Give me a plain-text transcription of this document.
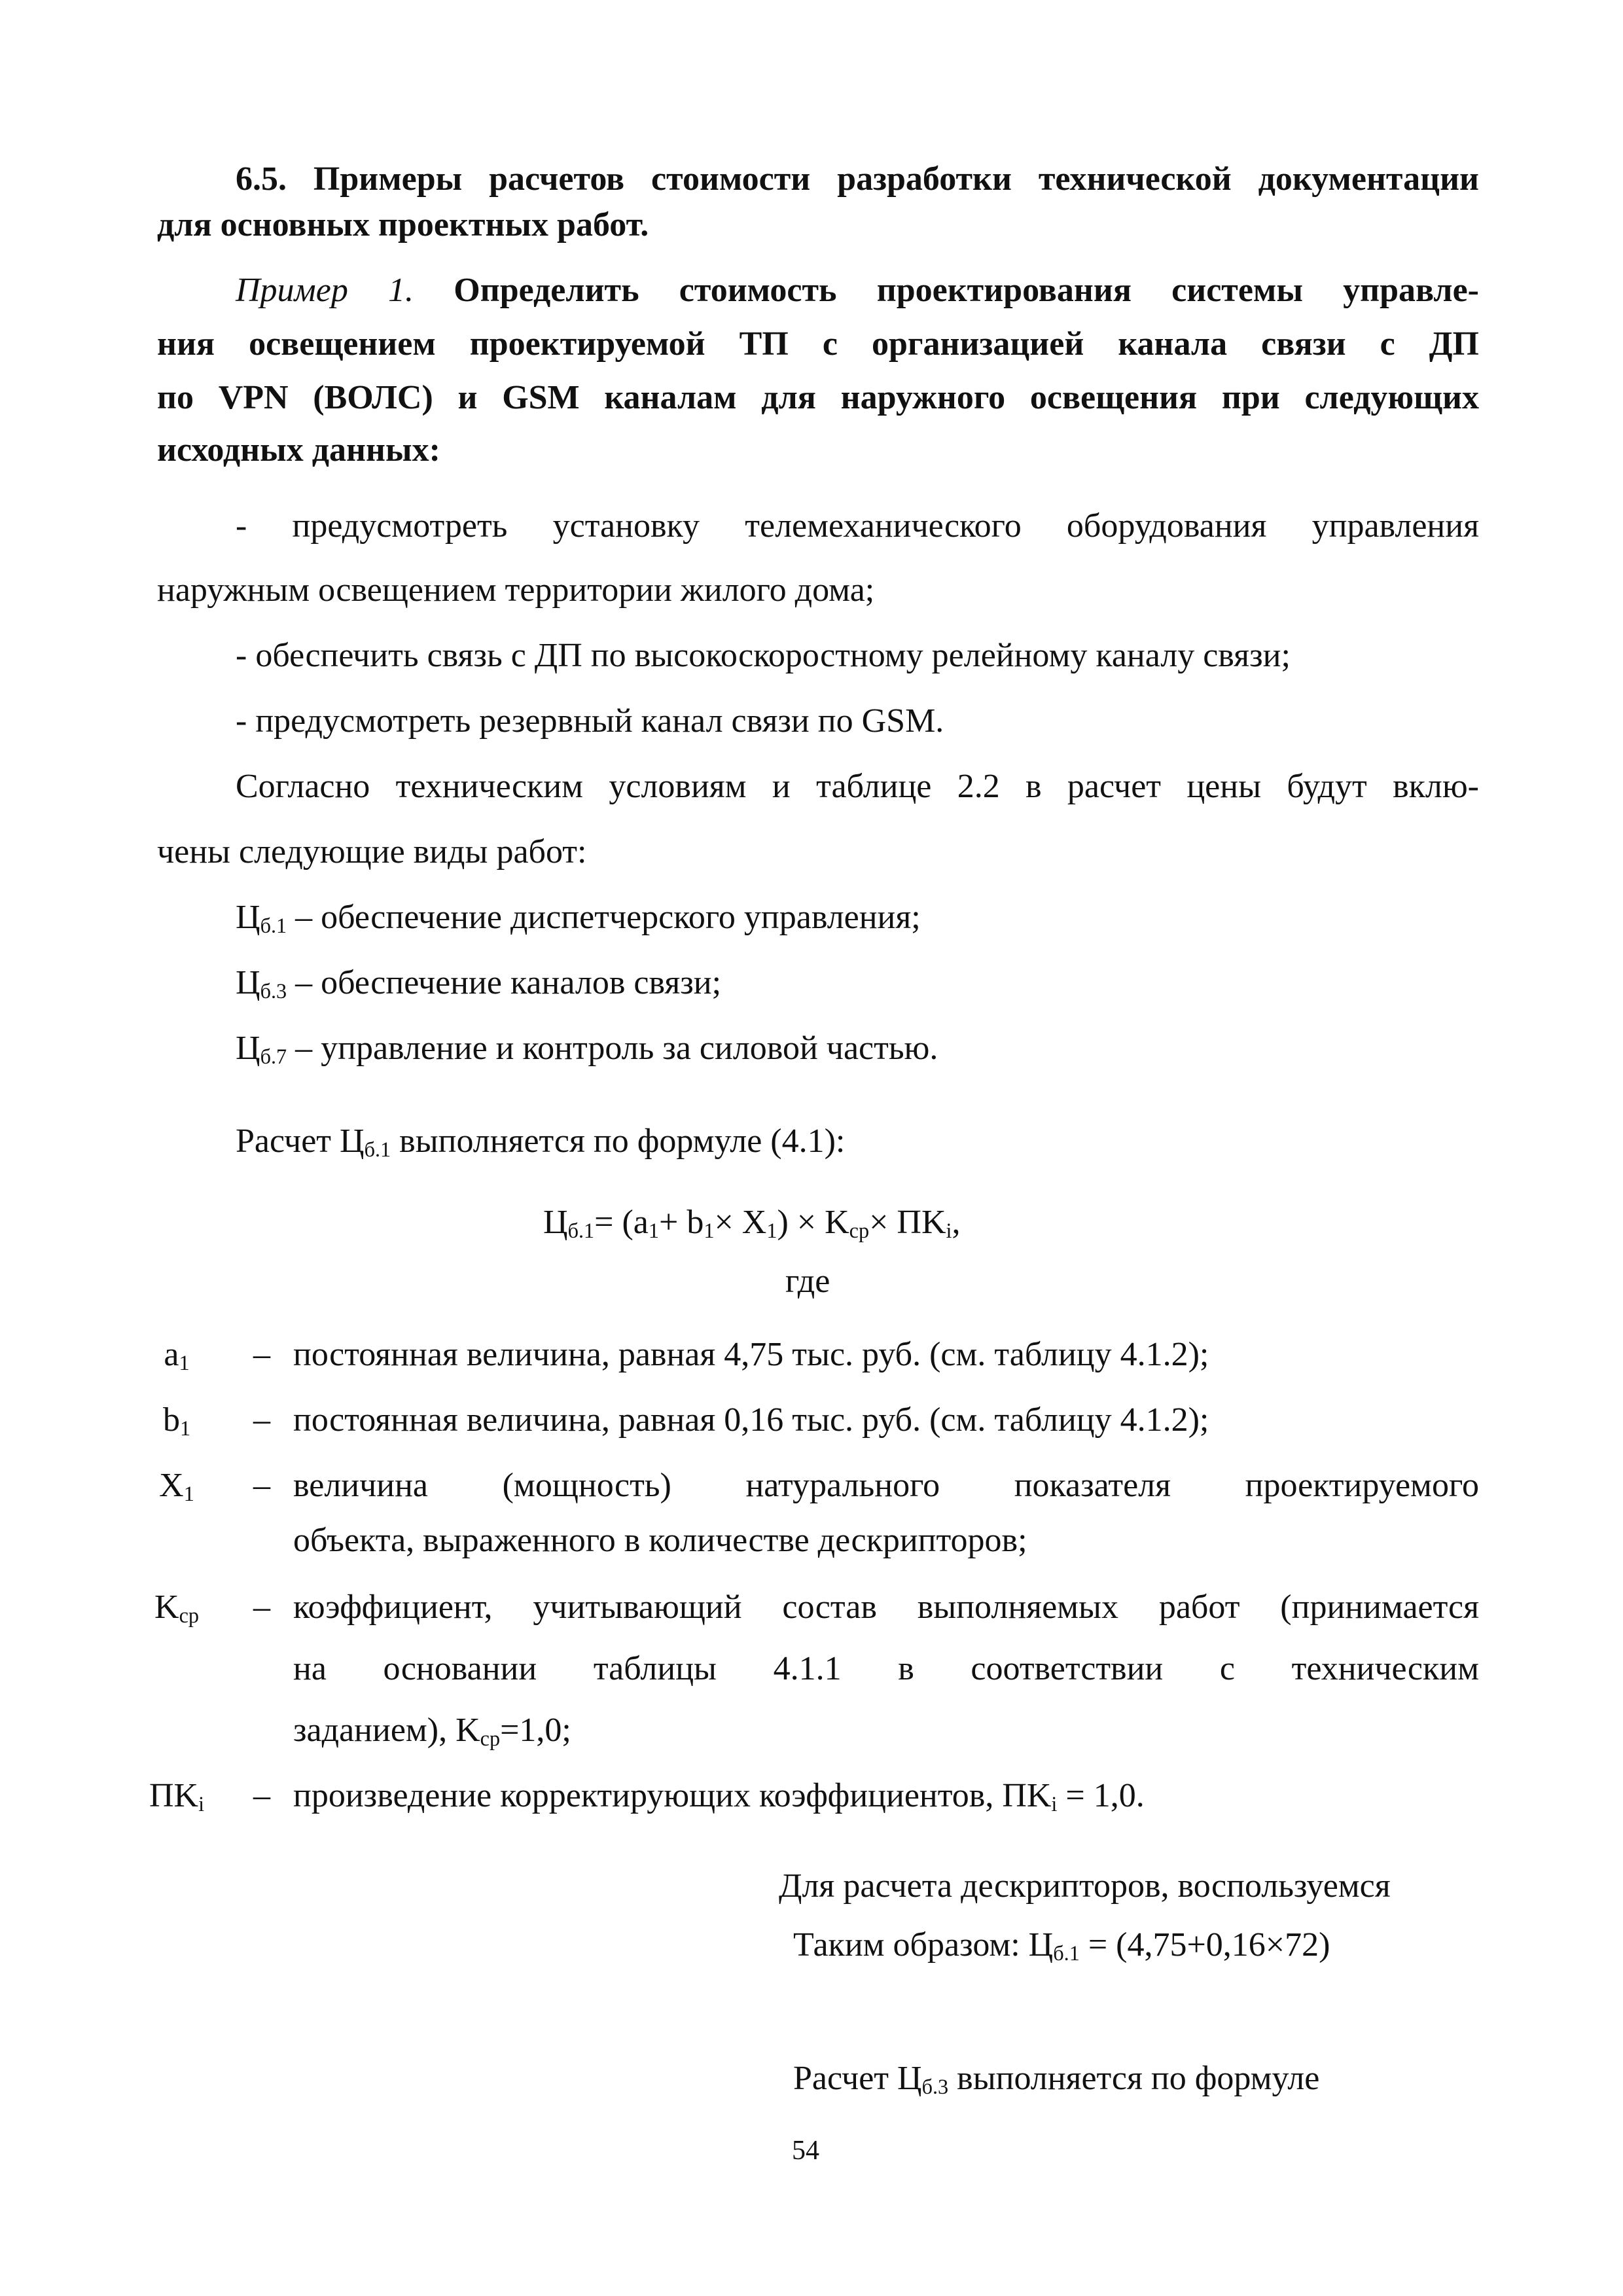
6.5. Примеры расчетов стоимости разработки технической документации
для основных проектных работ.
Пример 1. Определить стоимость проектирования системы управле-
ния освещением проектируемой ТП с организацией канала связи с ДП
по VPN (ВОЛС) и GSM каналам для наружного освещения при следующих
исходных данных:
- предусмотреть установку телемеханического оборудования управления
наружным освещением территории жилого дома;
- обеспечить связь с ДП по высокоскоростному релейному каналу связи;
- предусмотреть резервный канал связи по GSM.
Согласно техническим условиям и таблице 2.2 в расчет цены будут вклю-
чены следующие виды работ:
$Ц_{б.1}$ – обеспечение диспетчерского управления;
$Ц_{б.3}$ – обеспечение каналов связи;
$Ц_{б.7}$ – управление и контроль за силовой частью.
Расчет $Ц_{б.1}$ выполняется по формуле (4.1):
$Ц_{б.1}= (a_1+ b_1\times X_1) \times K_{ср}\times ПK_i$,
где
$a_1$	– постоянная величина, равная 4,75 тыс. руб. (см. таблицу 4.1.2);
$b_1$	– постоянная величина, равная 0,16 тыс. руб. (см. таблицу 4.1.2);
$X_1$	– величина (мощность) натурального показателя проектируемого
объекта, выраженного в количестве дескрипторов;
$K_{ср}$	– коэффициент, учитывающий состав выполняемых работ (принимается
на основании таблицы 4.1.1 в соответствии с техническим
заданием), $K_{ср}=1,0$;
$ПK_i$	– произведение корректирующих коэффициентов, $ПK_i = 1,0$.
Для расчета дескрипторов, воспользуемся
Таким образом: $Ц_{б.1} = (4,75+0,16\times 72)$
Расчет $Ц_{б.3}$ выполняется по формуле
54
